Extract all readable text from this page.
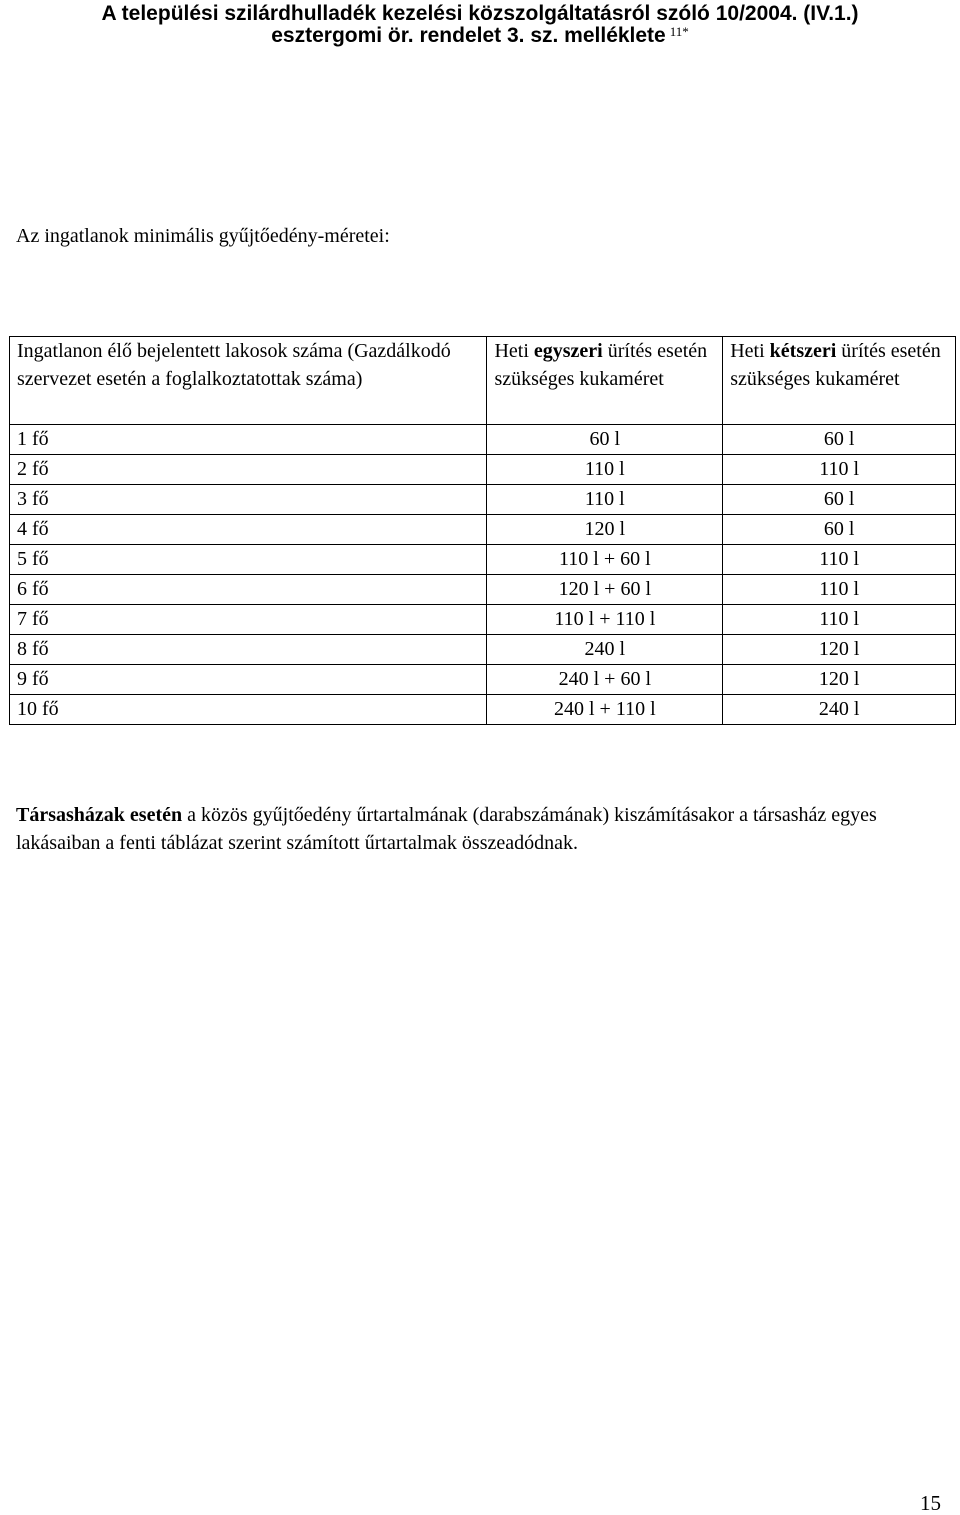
A települési szilárdhulladék kezelési közszolgáltatásról szóló 10/2004. (IV.1.)
esztergomi ör. rendelet 3. sz. melléklete $^{11*}$
Az ingatlanok minimális gyűjtőedény-méretei:
Ingatlanon élő bejelentett lakosok száma (Gazdálkodó szervezet esetén a foglalkoztatottak száma)	Heti egyszeri ürítés esetén szükséges kukaméret	Heti kétszeri ürítés esetén szükséges kukaméret
1 fő	60 l	60 l
2 fő	110 l	110 l
3 fő	110 l	60 l
4 fő	120 l	60 l
5 fő	110 l + 60 l	110 l
6 fő	120 l + 60 l	110 l
7 fő	110 l + 110 l	110 l
8 fő	240 l	120 l
9 fő	240 l + 60 l	120 l
10 fő	240 l + 110 l	240 l
Társasházak esetén a közös gyűjtőedény űrtartalmának (darabszámának) kiszámításakor a társasház egyes lakásaiban a fenti táblázat szerint számított űrtartalmak összeadódnak.
15
